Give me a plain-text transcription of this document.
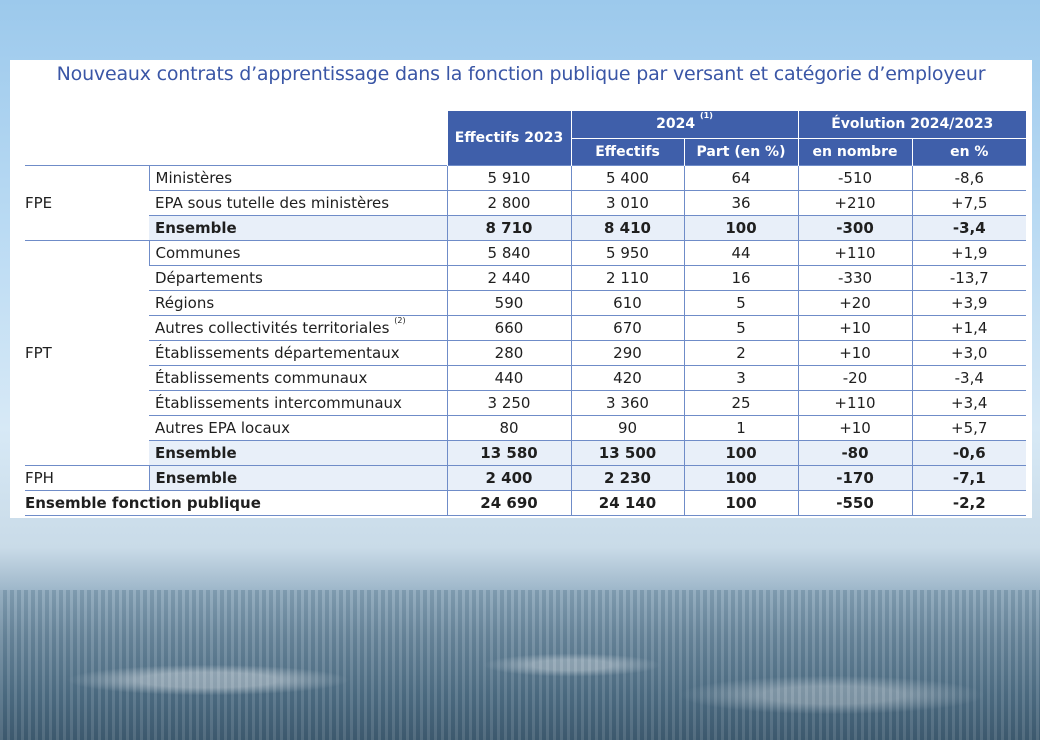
Nouveaux contrats d’apprentissage dans la fonction publique par versant et catégorie d’employeur
		Effectifs 2023	2024 $^{(1)}$		Évolution 2024/2023	
			Effectifs	Part (en %)	en nombre	en %
FPE	Ministères	5 910	5 400	64	-510	-8,6
	EPA sous tutelle des ministères	2 800	3 010	36	+210	+7,5
	Ensemble	8 710	8 410	100	-300	-3,4
FPT	Communes	5 840	5 950	44	+110	+1,9
	Départements	2 440	2 110	16	-330	-13,7
	Régions	590	610	5	+20	+3,9
	Autres collectivités territoriales $^{(2)}$	660	670	5	+10	+1,4
	Établissements départementaux	280	290	2	+10	+3,0
	Établissements communaux	440	420	3	-20	-3,4
	Établissements intercommunaux	3 250	3 360	25	+110	+3,4
	Autres EPA locaux	80	90	1	+10	+5,7
	Ensemble	13 580	13 500	100	-80	-0,6
FPH	Ensemble	2 400	2 230	100	-170	-7,1
Ensemble fonction publique		24 690	24 140	100	-550	-2,2
